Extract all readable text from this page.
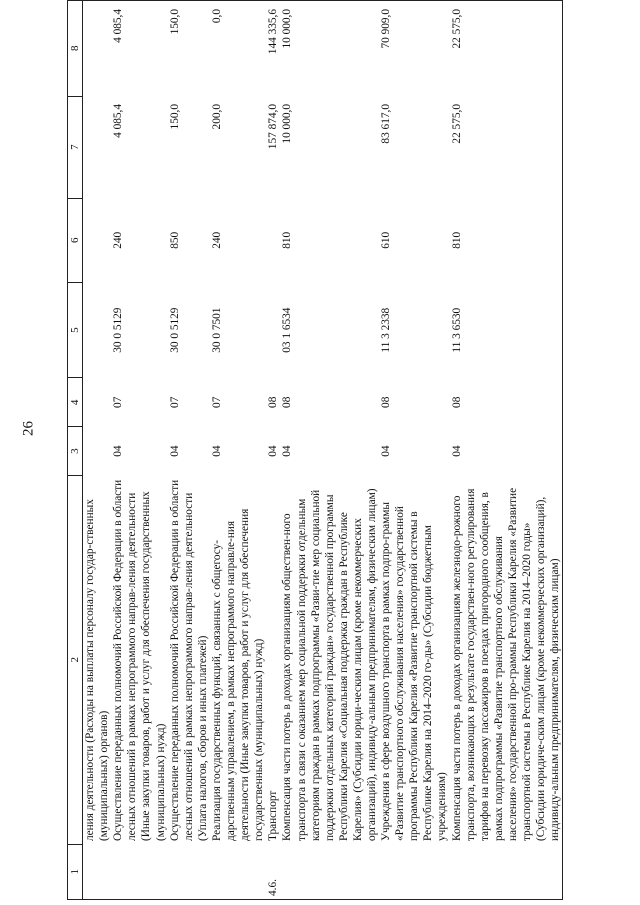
26
1	2	3	4	5	6	7	8
	ления деятельности (Расходы на выплаты персоналу государ-ственных (муниципальных) органов)						
	Осуществление переданных полномочий Российской Федерации в области лесных отношений в рамках непрограммого направ-ления деятельности (Иные закупки товаров, работ и услуг для обеспечения государственных (муниципальных) нужд)	04	07	30 0 5129	240	4 085,4	4 085,4
	Осуществление переданных полномочий Российской Федерации в области лесных отношений в рамках непрограммого направ-ления деятельности (Уплата налогов, сборов и иных платежей)	04	07	30 0 5129	850	150,0	150,0
	Реализация государственных функций, связанных с общегосу-дарственным управлением, в рамках непрограммого направле-ния деятельности (Иные закупки товаров, работ и услуг для обеспечения государственных (муниципальных) нужд)	04	07	30 0 7501	240	200,0	0,0
4.6.	Транспорт	04	08			157 874,0	144 335,6
	Компенсация части потерь в доходах организациям обществен-ного транспорта в связи с оказанием мер социальной поддержки отдельным категориям граждан в рамках подпрограммы «Разви-тие мер социальной поддержки отдельных категорий граждан» государственной программы Республики Карелия «Социальная поддержка граждан в Республике Карелия» (Субсидии юриди-ческим лицам (кроме некоммерческих организаций), индивиду-альным предпринимателям, физическим лицам)	04	08	03 1 6534	810	10 000,0	10 000,0
	Учреждения в сфере воздушного транспорта в рамках подпро-граммы «Развитие транспортного обслуживания населения» государственной программы Республики Карелия «Развитие транспортной системы в Республике Карелия на 2014–2020 го-ды» (Субсидии бюджетным учреждениям)	04	08	11 3 2338	610	83 617,0	70 909,0
	Компенсация части потерь в доходах организациям железнодо-рожного транспорта, возникающих в результате государствен-ного регулирования тарифов на перевозку пассажиров в поездах пригородного сообщения, в рамках подпрограммы «Развитие транспортного обслуживания населения» государственной про-граммы Республики Карелия «Развитие транспортной системы в Республике Карелия на 2014–2020 годы» (Субсидии юридиче-ским лицам (кроме некоммерческих организаций), индивиду-альным предпринимателям, физическим лицам)	04	08	11 3 6530	810	22 575,0	22 575,0
